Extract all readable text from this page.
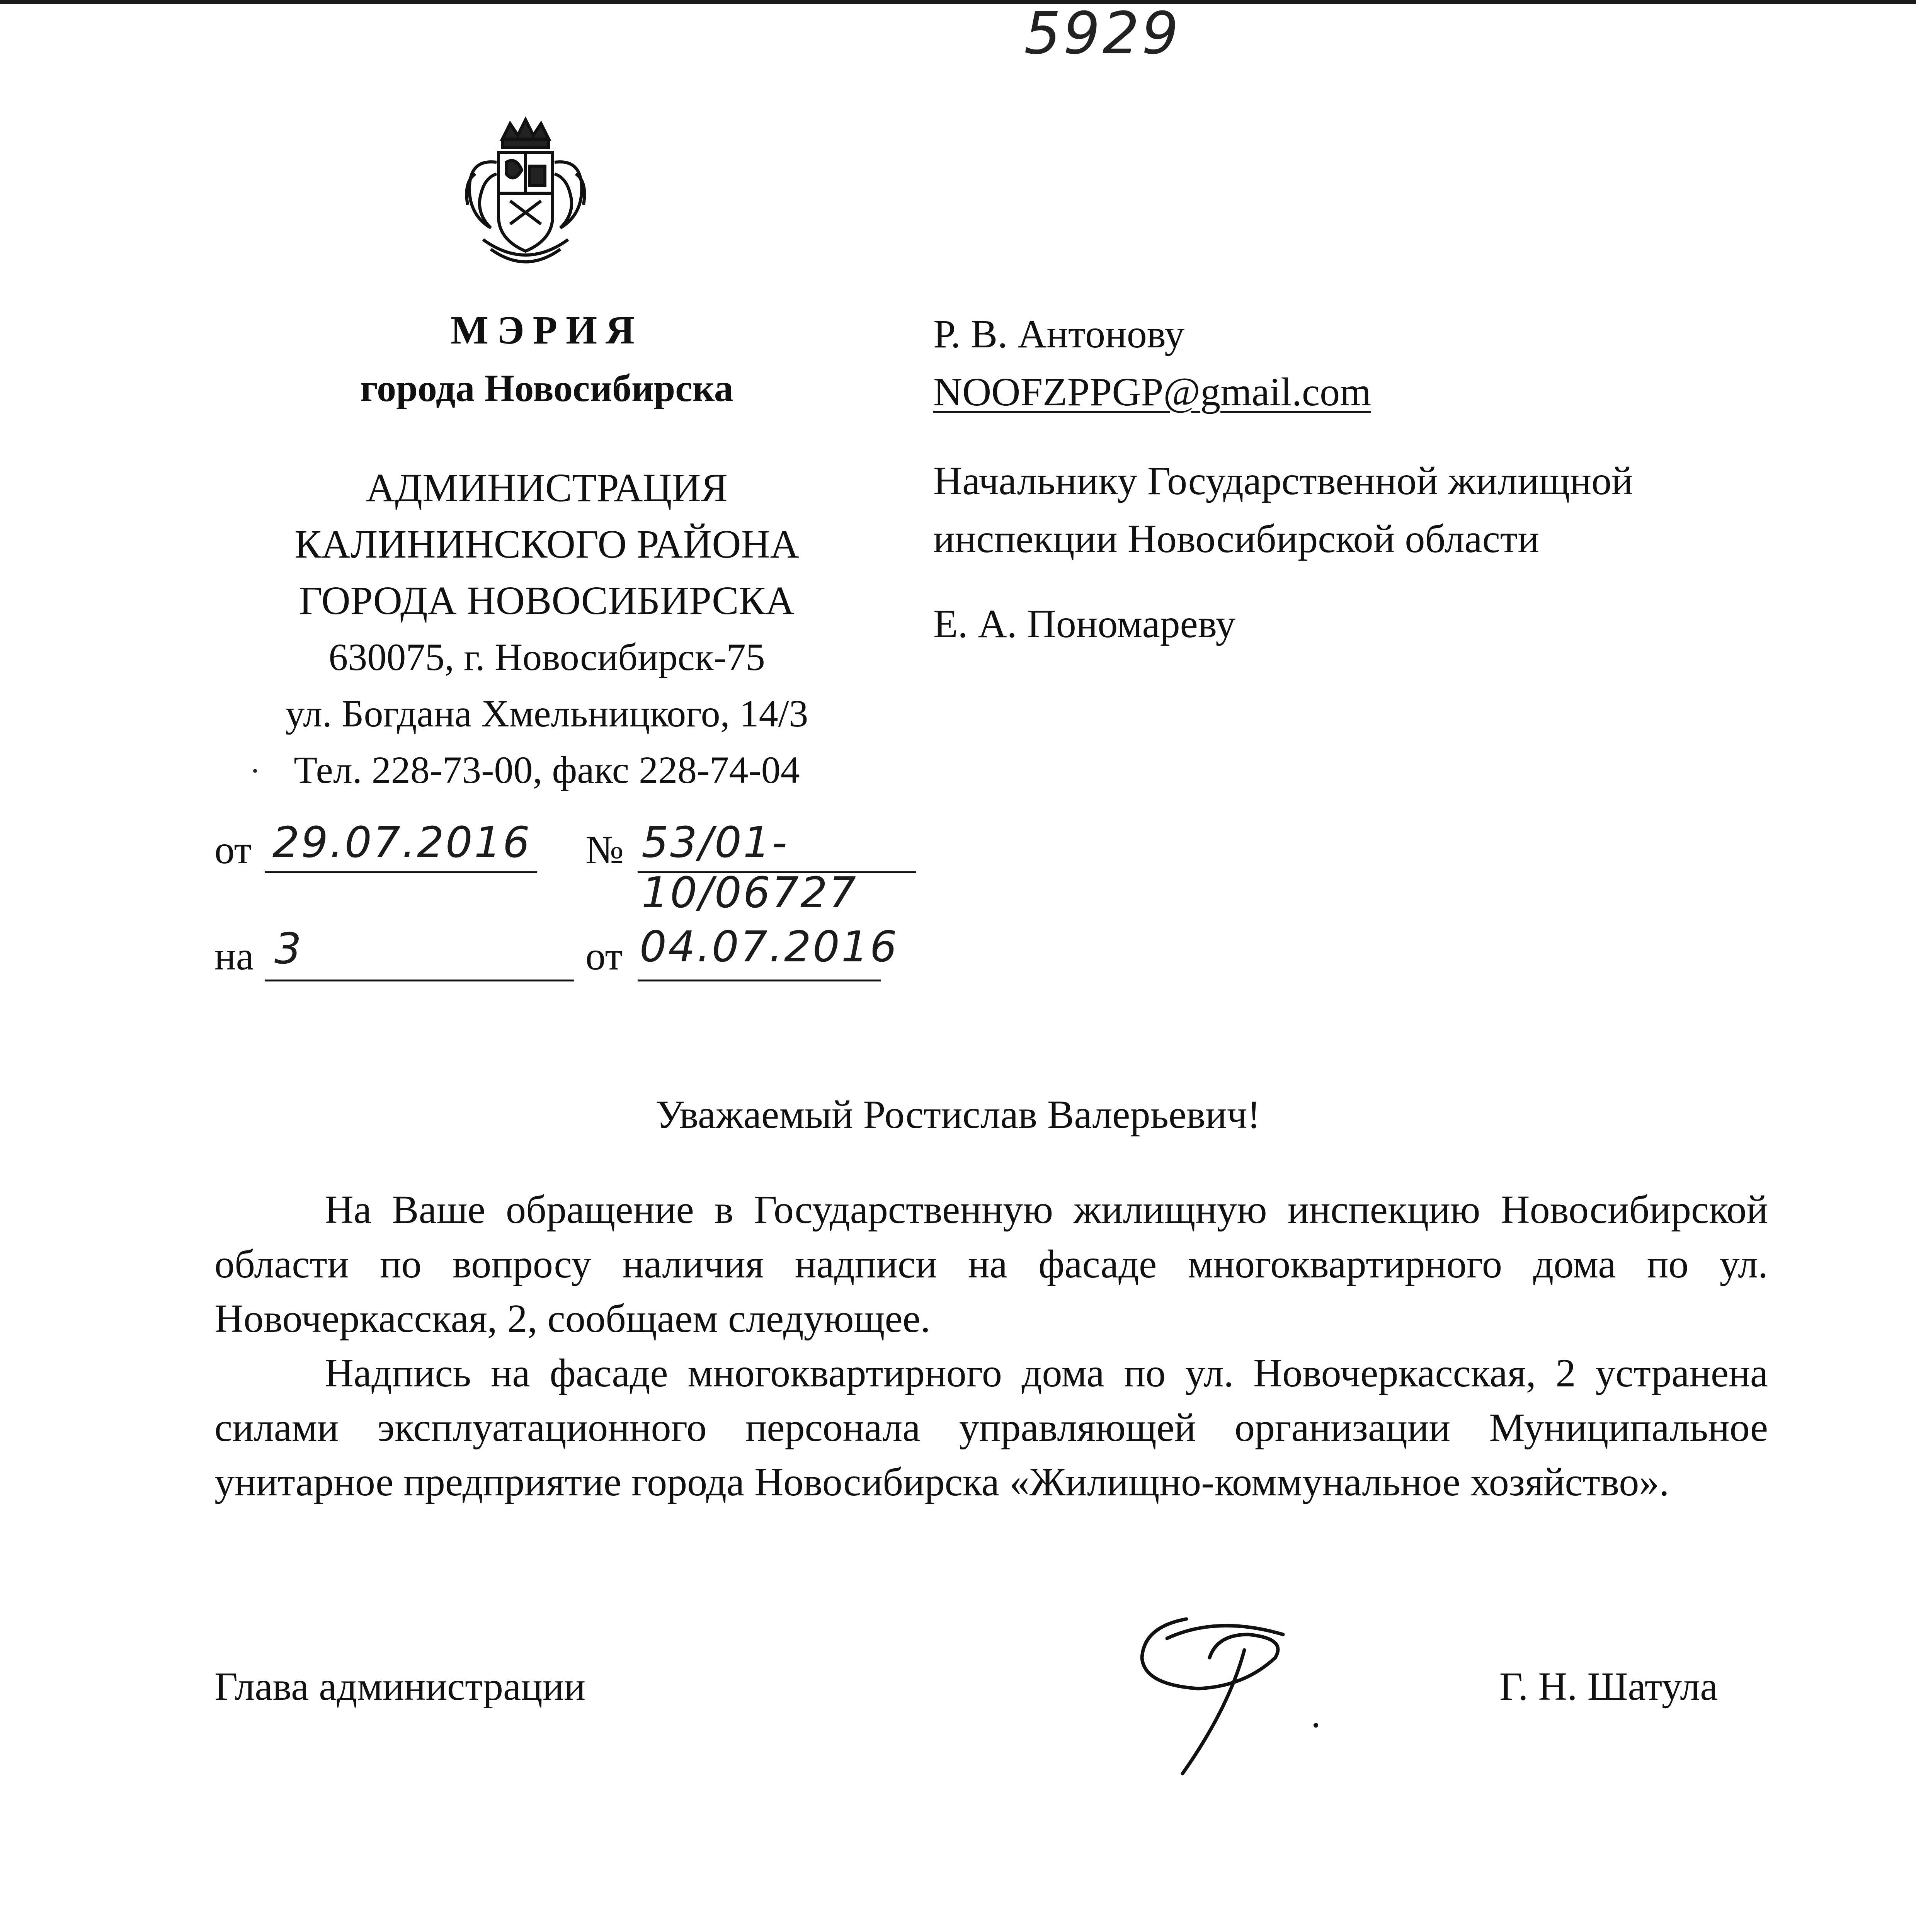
5929
МЭРИЯ
города Новосибирска
АДМИНИСТРАЦИЯ
КАЛИНИНСКОГО РАЙОНА
ГОРОДА НОВОСИБИРСКА
630075, г. Новосибирск-75
ул. Богдана Хмельницкого, 14/3
Тел. 228-73-00, факс 228-74-04
Р. В. Антонову
NOOFZPPGP@gmail.com
Начальнику Государственной жилищной
инспекции Новосибирской области
Е. А. Пономареву
от 29.07.2016 № 53/01-10/06727
на 3	от 04.07.2016
Уважаемый Ростислав Валерьевич!

На Ваше обращение в Государственную жилищную инспекцию Новосибирской области по вопросу наличия надписи на фасаде многоквартирного дома по ул. Новочеркасская, 2, сообщаем следующее.

Надпись на фасаде многоквартирного дома по ул. Новочеркасская, 2 устранена силами эксплуатационного персонала управляющей организации Муниципальное унитарное предприятие города Новосибирска «Жилищно-коммунальное хозяйство».

Глава администрации	Г. Н. Шатула
